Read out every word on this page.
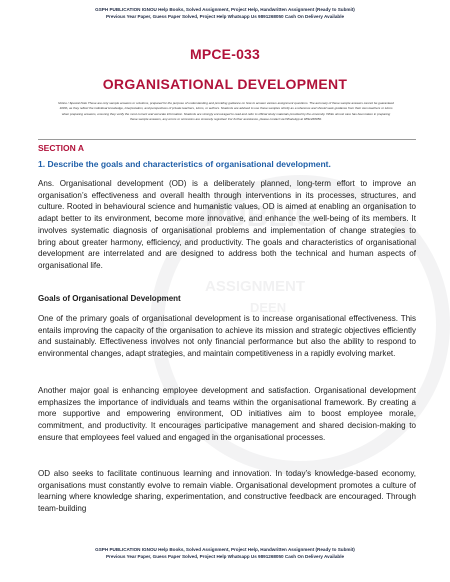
GSPH PUBLICATION IGNOU Help Books, Solved Assignment, Project Help, Handwritten Assignment (Ready to Submit)
Previous Year Paper, Guess Paper Solved, Project Help Whatsapp Us 9891268050 Cash On Delivery Available
PUBLIC
ASSIGNMENT
DEEN
MPCE-033
ORGANISATIONAL DEVELOPMENT
Notice / Special Note These are only sample answers or solutions, prepared for the purpose of understanding and providing guidance on how to answer various assignment questions. The accuracy of these sample answers cannot be guaranteed 100%, as they reflect the individual knowledge, interpretation, and perspectives of private teachers, tutors, or authors. Students are advised to use these samples strictly as a reference and should seek guidance from their own teachers or tutors when preparing answers, ensuring they verify the most current and accurate information. Students are strongly encouraged to read and refer to official study materials provided by the university. While utmost care has been taken in preparing these sample answers, any errors or omissions are sincerely regretted. For further assistance, please contact via WhatsApp at 9891268050.
SECTION A
1. Describe the goals and characteristics of organisational development.

Ans. Organisational development (OD) is a deliberately planned, long-term effort to improve an organisation’s effectiveness and overall health through interventions in its processes, structures, and culture. Rooted in behavioural science and humanistic values, OD is aimed at enabling an organisation to adapt better to its environment, become more innovative, and enhance the well-being of its members. It involves systematic diagnosis of organisational problems and implementation of change strategies to bring about greater harmony, efficiency, and productivity. The goals and characteristics of organisational development are interrelated and are designed to address both the technical and human aspects of organisational life.

Goals of Organisational Development

One of the primary goals of organisational development is to increase organisational effectiveness. This entails improving the capacity of the organisation to achieve its mission and strategic objectives efficiently and sustainably. Effectiveness involves not only financial performance but also the ability to respond to environmental changes, adapt strategies, and maintain competitiveness in a rapidly evolving market.

Another major goal is enhancing employee development and satisfaction. Organisational development emphasizes the importance of individuals and teams within the organisational framework. By creating a more supportive and empowering environment, OD initiatives aim to boost employee morale, commitment, and productivity. It encourages participative management and shared decision-making to ensure that employees feel valued and engaged in the organisational processes.

OD also seeks to facilitate continuous learning and innovation. In today’s knowledge-based economy, organisations must constantly evolve to remain viable. Organisational development promotes a culture of learning where knowledge sharing, experimentation, and constructive feedback are encouraged. Through team-building

GSPH PUBLICATION IGNOU Help Books, Solved Assignment, Project Help, Handwritten Assignment (Ready to Submit)
Previous Year Paper, Guess Paper Solved, Project Help Whatsapp Us 9891268050 Cash On Delivery Available
